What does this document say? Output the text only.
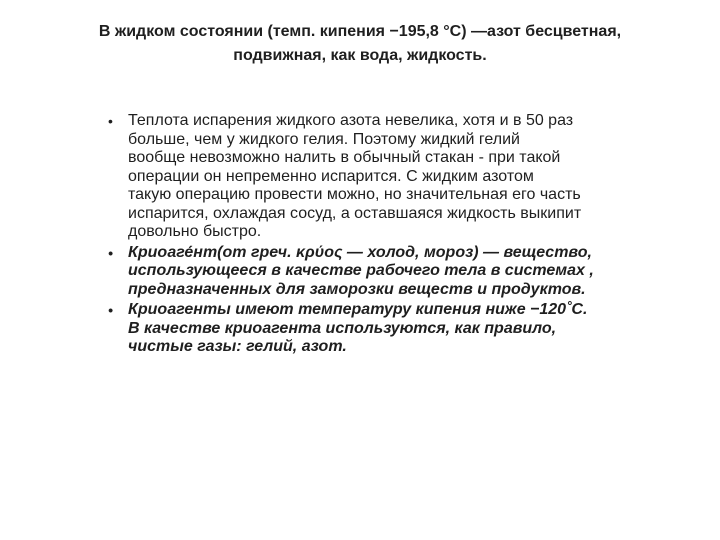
В жидком состоянии (темп. кипения −195,8 °C) —азот бесцветная,
подвижная, как вода, жидкость.
• Теплота испарения жидкого азота невелика, хотя и в 50 раз
больше, чем у жидкого гелия. Поэтому жидкий гелий
вообще невозможно налить в обычный стакан - при такой
операции он непременно испарится. С жидким азотом
такую операцию провести можно, но значительная его часть
испарится, охлаждая сосуд, а оставшаяся жидкость выкипит
довольно быстро.
• Криоаге́нт(от греч. κρύος — холод, мороз) — вещество,
использующееся в качестве рабочего тела в системах ,
предназначенных для заморозки веществ и продуктов.
• Криоагенты имеют температуру кипения ниже −120˚C.
В качестве криоагента используются, как правило,
чистые газы: гелий, азот.
